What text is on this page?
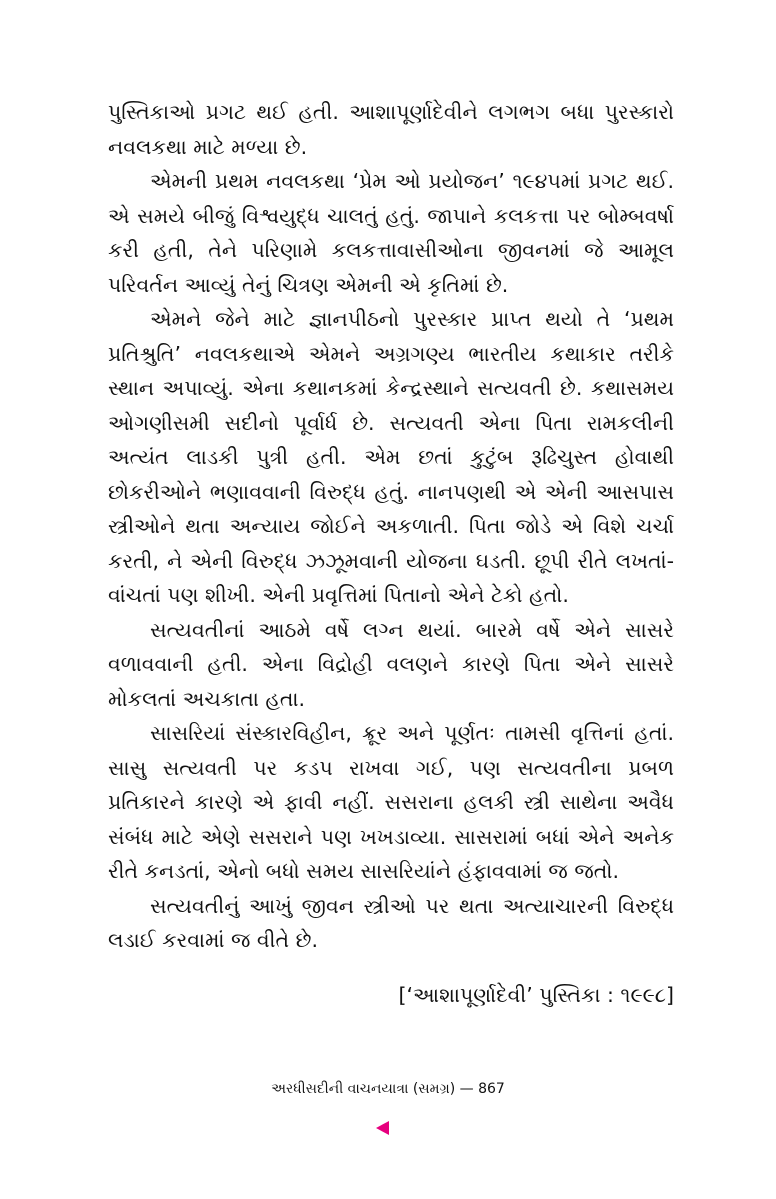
પુસ્તિકાઓ પ્રગટ થઈ હતી. આશાપૂર્ણાદેવીને લગભગ બધા પુરસ્કારો નવલકથા માટે મળ્યા છે.

એમની પ્રથમ નવલકથા ‘પ્રેમ ઓ પ્રયોજન’ ૧૯૪૫માં પ્રગટ થઈ. એ સમયે બીજું વિશ્વયુદ્ધ ચાલતું હતું. જાપાને કલકત્તા પર બોમ્બવર્ષા કરી હતી, તેને પરિણામે કલકત્તાવાસીઓના જીવનમાં જે આમૂલ પરિવર્તન આવ્યું તેનું ચિત્રણ એમની એ કૃતિમાં છે.

એમને જેને માટે જ્ઞાનપીઠનો પુરસ્કાર પ્રાપ્ત થયો તે ‘પ્રથમ પ્રતિશ્રુતિ’ નવલકથાએ એમને અગ્રગણ્ય ભારતીય કથાકાર તરીકે સ્થાન અપાવ્યું. એના કથાનકમાં કેન્દ્રસ્થાને સત્યવતી છે. કથાસમય ઓગણીસમી સદીનો પૂર્વાર્ધ છે. સત્યવતી એના પિતા રામકલીની અત્યંત લાડકી પુત્રી હતી. એમ છતાં કુટુંબ રૂઢિચુસ્ત હોવાથી છોકરીઓને ભણાવવાની વિરુદ્ધ હતું. નાનપણથી એ એની આસપાસ સ્ત્રીઓને થતા અન્યાય જોઈને અકળાતી. પિતા જોડે એ વિશે ચર્ચા કરતી, ને એની વિરુદ્ધ ઝઝૂમવાની યોજના ઘડતી. છૂપી રીતે લખતાં-વાંચતાં પણ શીખી. એની પ્રવૃત્તિમાં પિતાનો એને ટેકો હતો.

સત્યવતીનાં આઠમે વર્ષે લગ્ન થયાં. બારમે વર્ષે એને સાસરે વળાવવાની હતી. એના વિદ્રોહી વલણને કારણે પિતા એને સાસરે મોકલતાં અચકાતા હતા.

સાસરિયાં સંસ્કારવિહીન, ક્રૂર અને પૂર્ણતઃ તામસી વૃત્તિનાં હતાં. સાસુ સત્યવતી પર કડપ રાખવા ગઈ, પણ સત્યવતીના પ્રબળ પ્રતિકારને કારણે એ ફાવી નહીં. સસરાના હલકી સ્ત્રી સાથેના અવૈધ સંબંધ માટે એણે સસરાને પણ ખખડાવ્યા. સાસરામાં બધાં એને અનેક રીતે કનડતાં, એનો બધો સમય સાસરિયાંને હંફાવવામાં જ જતો.

સત્યવતીનું આખું જીવન સ્ત્રીઓ પર થતા અત્યાચારની વિરુદ્ધ લડાઈ કરવામાં જ વીતે છે.

[‘આશાપૂર્ણાદેવી’ પુસ્તિકા : ૧૯૯૮]
અરધીસદીની વાચનયાત્રા (સમગ્ર) — 867
